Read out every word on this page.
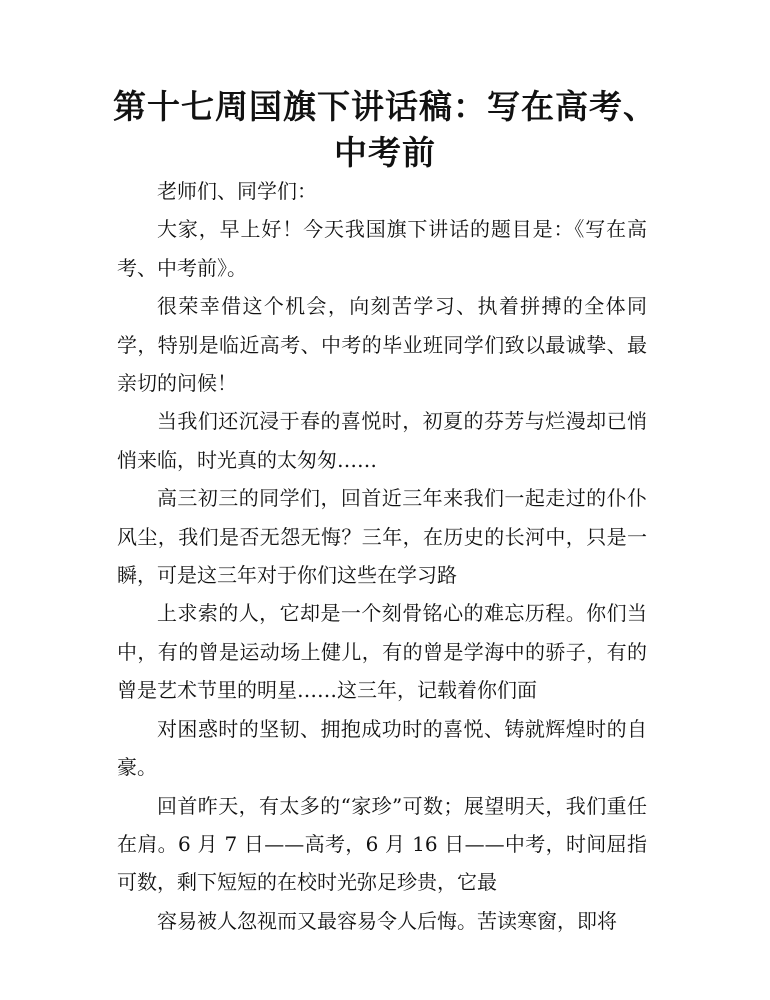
第十七周国旗下讲话稿：写在高考、中考前

老师们、同学们：

大家，早上好！今天我国旗下讲话的题目是：《写在高考、中考前》。

很荣幸借这个机会，向刻苦学习、执着拼搏的全体同学，特别是临近高考、中考的毕业班同学们致以最诚挚、最亲切的问候！

当我们还沉浸于春的喜悦时，初夏的芬芳与烂漫却已悄悄来临，时光真的太匆匆……

高三初三的同学们，回首近三年来我们一起走过的仆仆风尘，我们是否无怨无悔？三年，在历史的长河中，只是一瞬，可是这三年对于你们这些在学习路

上求索的人，它却是一个刻骨铭心的难忘历程。你们当中，有的曾是运动场上健儿，有的曾是学海中的骄子，有的曾是艺术节里的明星……这三年，记载着你们面

对困惑时的坚韧、拥抱成功时的喜悦、铸就辉煌时的自豪。

回首昨天，有太多的“家珍”可数；展望明天，我们重任在肩。6 月 7 日——高考，6 月 16 日——中考，时间屈指可数，剩下短短的在校时光弥足珍贵，它最

容易被人忽视而又最容易令人后悔。苦读寒窗，即将
